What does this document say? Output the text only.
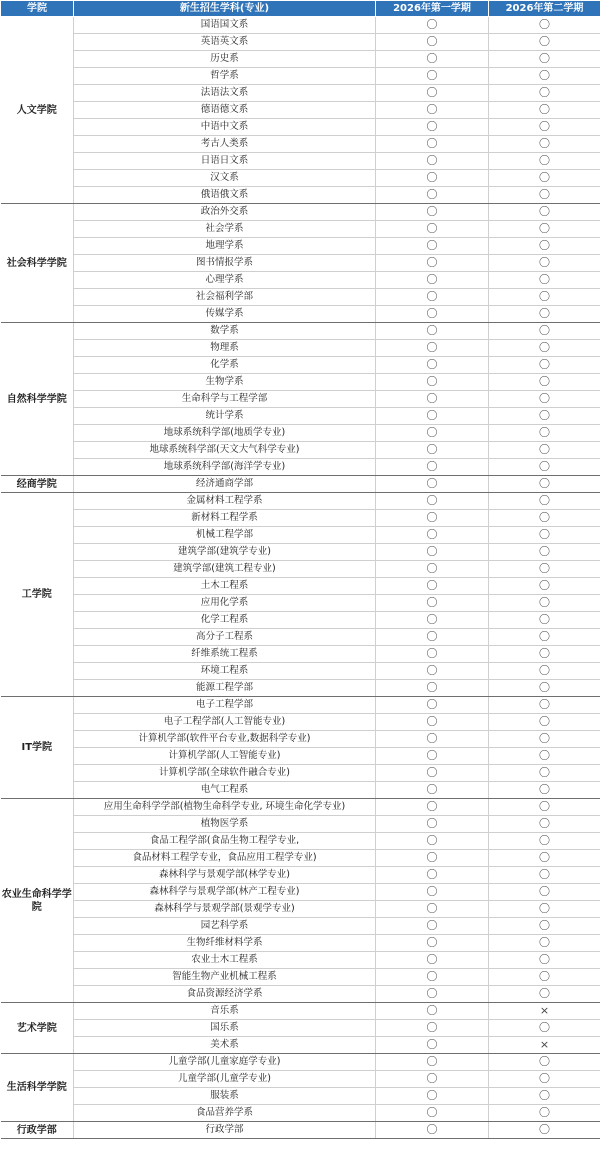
学院	新生招生学科(专业)	2026年第一学期	2026年第二学期
人文学院	国语国文系	〇	〇
	英语英文系	〇	〇
	历史系	〇	〇
	哲学系	〇	〇
	法语法文系	〇	〇
	德语德文系	〇	〇
	中语中文系	〇	〇
	考古人类系	〇	〇
	日语日文系	〇	〇
	汉文系	〇	〇
	俄语俄文系	〇	〇
社会科学学院	政治外交系	〇	〇
	社会学系	〇	〇
	地理学系	〇	〇
	图书情报学系	〇	〇
	心理学系	〇	〇
	社会福利学部	〇	〇
	传媒学系	〇	〇
自然科学学院	数学系	〇	〇
	物理系	〇	〇
	化学系	〇	〇
	生物学系	〇	〇
	生命科学与工程学部	〇	〇
	统计学系	〇	〇
	地球系统科学部(地质学专业)	〇	〇
	地球系统科学部(天文大气科学专业)	〇	〇
	地球系统科学部(海洋学专业)	〇	〇
经商学院	经济通商学部	〇	〇
工学院	金属材料工程学系	〇	〇
	新材料工程学系	〇	〇
	机械工程学部	〇	〇
	建筑学部(建筑学专业)	〇	〇
	建筑学部(建筑工程专业)	〇	〇
	土木工程系	〇	〇
	应用化学系	〇	〇
	化学工程系	〇	〇
	高分子工程系	〇	〇
	纤维系统工程系	〇	〇
	环境工程系	〇	〇
	能源工程学部	〇	〇
IT学院	电子工程学部	〇	〇
	电子工程学部(人工智能专业)	〇	〇
	计算机学部(软件平台专业,数据科学专业)	〇	〇
	计算机学部(人工智能专业)	〇	〇
	计算机学部(全球软件融合专业)	〇	〇
	电气工程系	〇	〇
农业生命科学学院	应用生命科学学部(植物生命科学专业, 环境生命化学专业)	〇	〇
	植物医学系	〇	〇
	食品工程学部(食品生物工程学专业,	〇	〇
	食品材料工程学专业，食品应用工程学专业)	〇	〇
	森林科学与景观学部(林学专业)	〇	〇
	森林科学与景观学部(林产工程专业)	〇	〇
	森林科学与景观学部(景观学专业)	〇	〇
	园艺科学系	〇	〇
	生物纤维材料学系	〇	〇
	农业土木工程系	〇	〇
	智能生物产业机械工程系	〇	〇
	食品资源经济学系	〇	〇
艺术学院	音乐系	〇	×
	国乐系	〇	〇
	美术系	〇	×
生活科学学院	儿童学部(儿童家庭学专业)	〇	〇
	儿童学部(儿童学专业)	〇	〇
	服装系	〇	〇
	食品营养学系	〇	〇
行政学部	行政学部	〇	〇
